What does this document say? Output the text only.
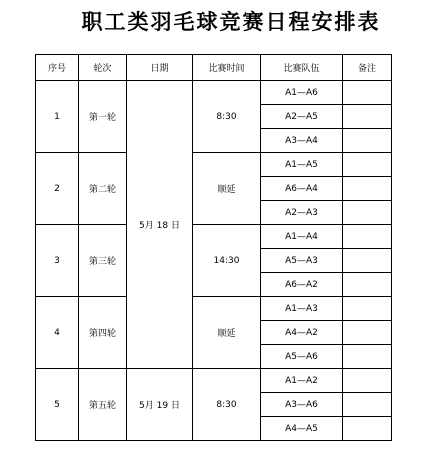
职工类羽毛球竞赛日程安排表
序号	轮次	日期	比赛时间	比赛队伍	备注
1	第一轮	5月 18 日	8:30	A1—A6	
				A2—A5	
				A3—A4	
2	第二轮		顺延	A1—A5	
				A6—A4	
				A2—A3	
3	第三轮		14:30	A1—A4	
				A5—A3	
				A6—A2	
4	第四轮		顺延	A1—A3	
				A4—A2	
				A5—A6	
5	第五轮	5月 19 日	8:30	A1—A2	
				A3—A6	
				A4—A5	
